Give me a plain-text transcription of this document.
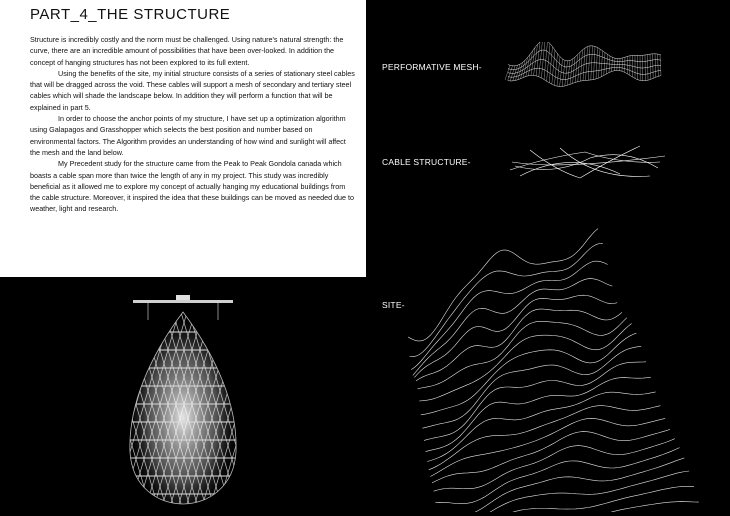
PART_4_THE STRUCTURE

Structure is incredibly costly and the norm must be challenged. Using nature's natural strength: the curve, there are an incredible amount of possibilities that have been over-looked. In addition the concept of hanging structures has not been explored to its full extent.

Using the benefits of the site, my initial structure consists of a series of stationary steel cables that will be dragged across the void. These cables will support a mesh of secondary and tertiary steel cables which will shade the landscape below. In addition they will perform a function that will be explained in part 5.

In order to choose the anchor points of my structure, I have set up a optimization algorithm using Galapagos and Grasshopper which selects the best position and number based on environmental factors. The Algorithm provides an understanding of how wind and sunlight will affect the mesh and the land below.

My Precedent study for the structure came from the Peak to Peak Gondola canada which boasts a cable span more than twice the length of any in my project. This study was incredibly beneficial as it allowed me to explore my concept of actually hanging my educational buildings from the cable structure. Moreover, it inspired the idea that these buildings can be moved as needed due to weather, light and research.

PERFORMATIVE MESH-
CABLE STRUCTURE-
SITE-
